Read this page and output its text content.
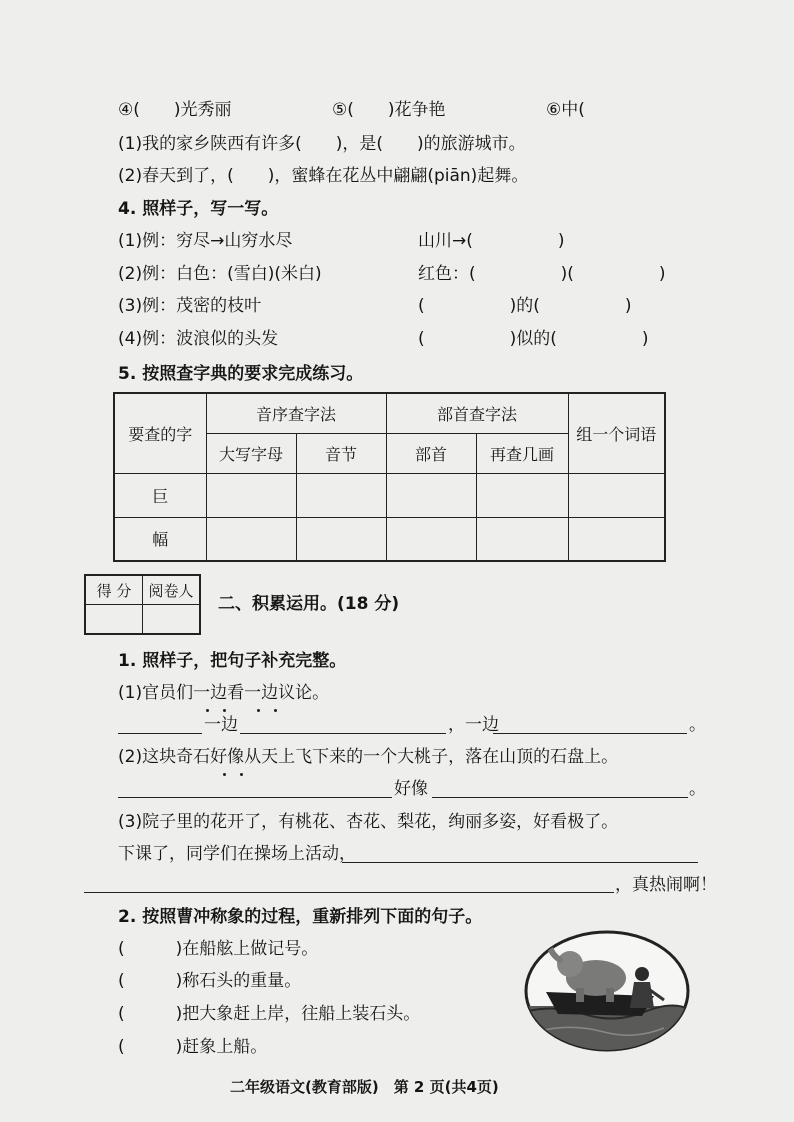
④(　　)光秀丽	⑤(　　)花争艳	⑥中(
(1)我的家乡陕西有许多(　　)，是(　　)的旅游城市。
(2)春天到了，(　　)，蜜蜂在花丛中翩翩(piān)起舞。
4. 照样子，写一写。
(1)例：穷尽→山穷水尽	山川→(　　　　　)
(2)例：白色：(雪白)(米白)	红色：(　　　　　)(　　　　　)
(3)例：茂密的枝叶	(　　　　　)的(　　　　　)
(4)例：波浪似的头发	(　　　　　)似的(　　　　　)
5. 按照查字典的要求完成练习。
要查的字	音序查字法		部首查字法		组一个词语
	大写字母	音节	部首	再查几画	
巨					
幅					
得 分	阅卷人

二、积累运用。(18 分)
1. 照样子，把句子补充完整。
(1)官员们一边看一边议论。
一边	，一边	。
(2)这块奇石好像从天上飞下来的一个大桃子，落在山顶的石盘上。
好像	。
(3)院子里的花开了，有桃花、杏花、梨花，绚丽多姿，好看极了。
下课了，同学们在操场上活动，
，真热闹啊！
2. 按照曹冲称象的过程，重新排列下面的句子。
(　　　)在船舷上做记号。
(　　　)称石头的重量。
(　　　)把大象赶上岸，往船上装石头。
(　　　)赶象上船。
二年级语文(教育部版)　第 2 页(共4页)
